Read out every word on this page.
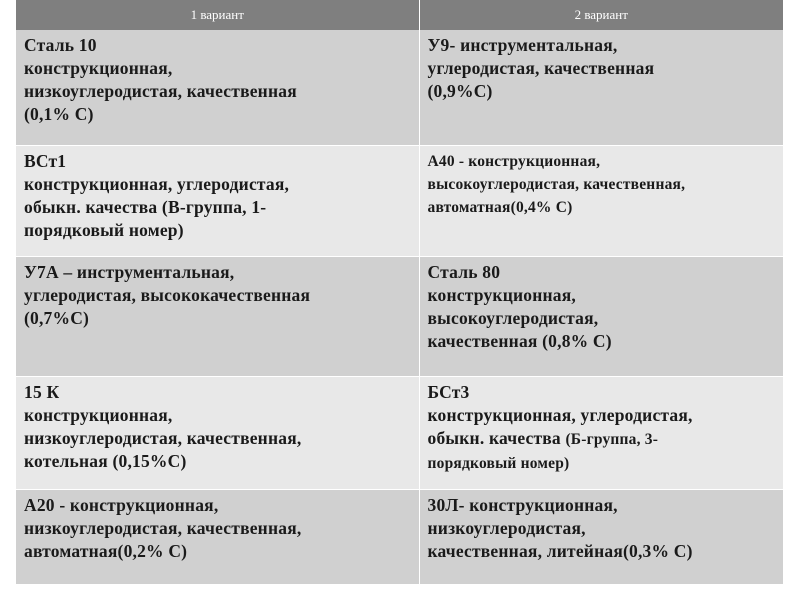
1 вариант	2 вариант

Сталь 10
конструкционная,
низкоуглеродистая, качественная
(0,1% С)	У9- инструментальная,
углеродистая, качественная
(0,9%С)

ВСт1
конструкционная, углеродистая,
обыкн. качества (В-группа, 1-
порядковый номер)	А40 - конструкционная,
высокоуглеродистая, качественная,
автоматная(0,4% С)

У7А – инструментальная,
углеродистая, высококачественная
(0,7%С)	Сталь 80
конструкционная,
высокоуглеродистая,
качественная (0,8% С)

15 К
конструкционная,
низкоуглеродистая, качественная,
котельная (0,15%С)	БСт3
конструкционная, углеродистая,
обыкн. качества (Б-группа, 3-
порядковый номер)

А20 - конструкционная,
низкоуглеродистая, качественная,
автоматная(0,2% С)	30Л- конструкционная,
низкоуглеродистая,
качественная, литейная(0,3% С)
